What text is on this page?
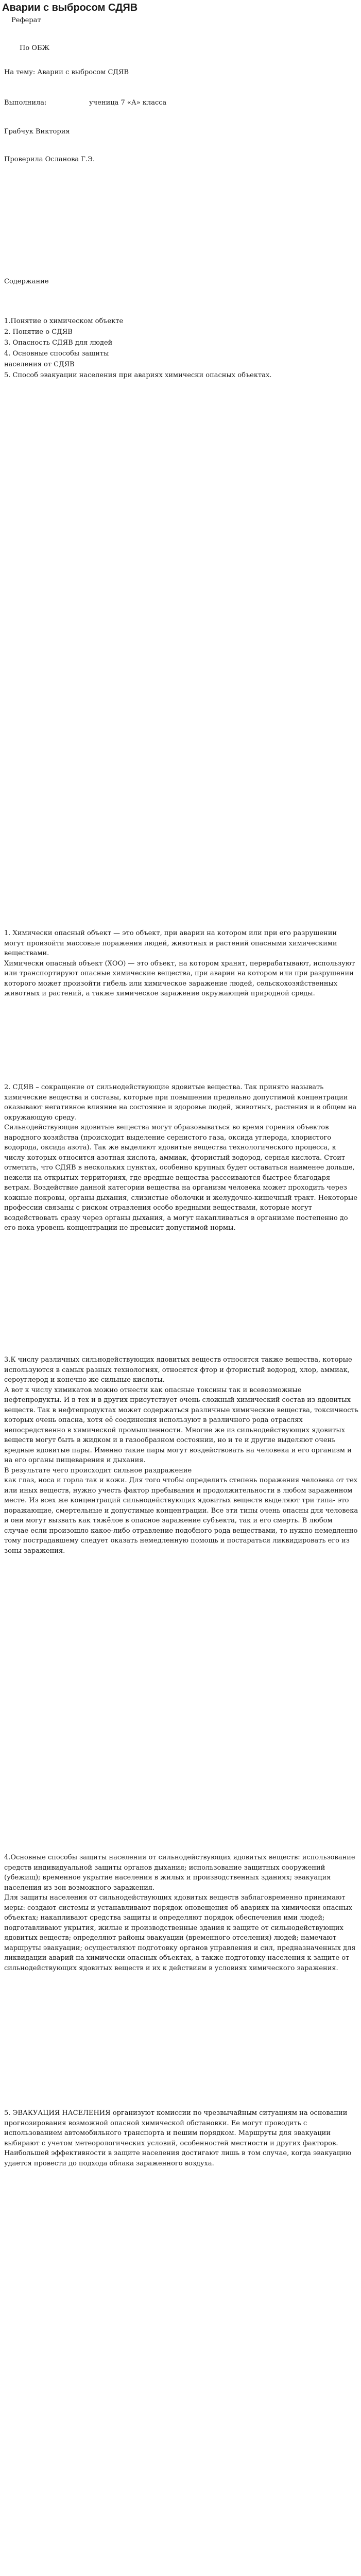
Аварии с выбросом СДЯВ

Реферат

По ОБЖ

На тему: Аварии с выбросом СДЯВ

Выполнила:                    ученица 7 «А» класса

Грабчук Виктория

Проверила Осланова Г.Э.

Содержание

1.Понятие о химическом объекте

2. Понятие о СДЯВ

3. Опасность СДЯВ для людей

4. Основные способы защиты

населения от СДЯВ

5. Способ эвакуации населения при авариях химически опасных объектах.

1. Химически опасный объект — это объект, при аварии на котором или при его разрушении могут произойти массовые поражения людей, животных и растений опасными химическими веществами.

Химически опасный объект (ХОО) — это объект, на котором хранят, перерабатывают, используют или транспортируют опасные химические вещества, при аварии на котором или при разрушении которого может произойти гибель или химическое заражение людей, сельскохозяйственных животных и растений, а также химическое заражение окружающей природной среды.

2. СДЯВ – сокращение от сильнодействующие ядовитые вещества. Так принято называть химические вещества и составы, которые при повышении предельно допустимой концентрации оказывают негативное влияние на состояние и здоровье людей, животных, растения и в общем на окружающую среду.

Сильнодействующие ядовитые вещества могут образовываться во время горения объектов народного хозяйства (происходит выделение сернистого газа, оксида углерода, хлористого водорода, оксида азота). Так же выделяют ядовитые вещества технологического процесса, к числу которых относится азотная кислота, аммиак, фтористый водород, серная кислота. Стоит отметить, что СДЯВ в нескольких пунктах, особенно крупных будет оставаться наименее дольше, нежели на открытых территориях, где вредные вещества рассеиваются быстрее благодаря ветрам. Воздействие данной категории вещества на организм человека может проходить через кожные покровы, органы дыхания, слизистые оболочки и желудочно-кишечный тракт. Некоторые профессии связаны с риском отравления особо вредными веществами, которые могут воздействовать сразу через органы дыхания, а могут накапливаться в организме постепенно до его пока уровень концентрации не превысит допустимой нормы.

3.К числу различных сильнодействующих ядовитых веществ относятся также вещества, которые используются в самых разных технологиях, относятся фтор и фтористый водород, хлор, аммиак, сероуглерод и конечно же сильные кислоты.

А вот к числу химикатов можно отнести как опасные токсины так и всевозможные нефтепродукты. И в тех и в других присутствует очень сложный химический состав из ядовитых веществ. Так в нефтепродуктах может содержаться различные химические вещества, токсичность которых очень опасна, хотя её соединения используют в различного рода отраслях непосредственно в химической промышленности. Многие же из сильнодействующих ядовитых веществ могут быть в жидком и в газообразном состоянии, но и те и другие выделяют очень вредные ядовитые пары. Именно такие пары могут воздействовать на человека и его организм и на его органы пищеварения и дыхания.

В результате чего происходит сильное раздражение

как глаз, носа и горла так и кожи. Для того чтобы определить степень поражения человека от тех или иных веществ, нужно учесть фактор пребывания и продолжительности в любом зараженном месте. Из всех же концентраций сильнодействующих ядовитых веществ выделяют три типа- это поражающие, смертельные и допустимые концентрации. Все эти типы очень опасны для человека и они могут вызвать как тяжёлое в опасное заражение субъекта, так и его смерть. В любом случае если произошло какое-либо отравление подобного рода веществами, то нужно немедленно тому пострадавшему следует оказать немедленную помощь и постараться ликвидировать его из зоны заражения.

4.Основные способы защиты населения от сильнодействующих ядовитых веществ: использование средств индивидуальной защиты органов дыхания; использование защитных сооружений (убежищ); временное укрытие населения в жилых и производственных зданиях; эвакуация населения из зон возможного заражения.

Для защиты населения от сильнодействующих ядовитых веществ заблаговременно принимают меры: создают системы и устанавливают порядок оповещения об авариях на химически опасных объектах; накапливают средства защиты и определяют порядок обеспечения ими людей; подготавливают укрытия, жилые и производственные здания к защите от сильнодействующих ядовитых веществ; определяют районы эвакуации (временного отселения) людей; намечают маршруты эвакуации; осуществляют подготовку органов управления и сил, предназначенных для ликвидации аварий на химически опасных объектах, а также подготовку населения к защите от сильнодействующих ядовитых веществ и их к действиям в условиях химического заражения.

5. ЭВАКУАЦИЯ НАСЕЛЕНИЯ организуют комиссии по чрезвычайным ситуациям на основании прогнозирования возможной опасной химической обстановки. Ее могут проводить с использованием автомобильного транспорта и пешим порядком. Маршруты для эвакуации выбирают с учетом метеорологических условий, особенностей местности и других факторов. Наибольшей эффективности в защите населения достигают лишь в том случае, когда эвакуацию удается провести до подхода облака зараженного воздуха.
